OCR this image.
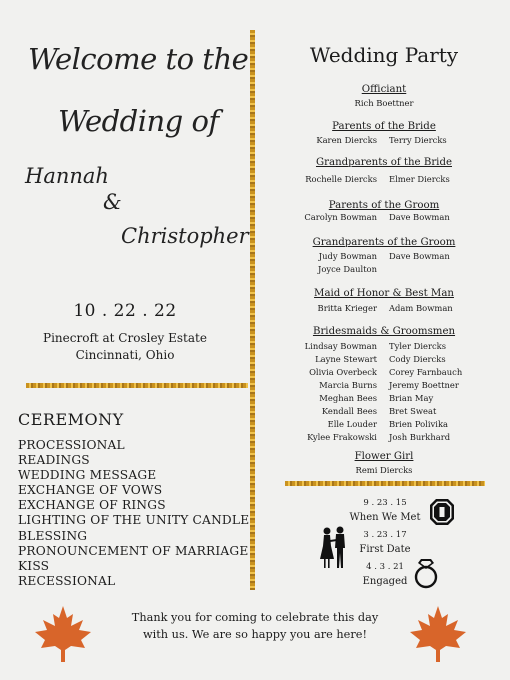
Welcome to the
Wedding of
Hannah
&
Christopher
10 . 22 . 22
Pinecroft at Crosley Estate
Cincinnati, Ohio
CEREMONY
PROCESSIONAL
READINGS
WEDDING MESSAGE
EXCHANGE OF VOWS
EXCHANGE OF RINGS
LIGHTING OF THE UNITY CANDLE
BLESSING
PRONOUNCEMENT OF MARRIAGE
KISS
RECESSIONAL
Wedding Party
Officiant
Rich Boettner
Parents of the Bride
Karen Diercks Terry Diercks
Grandparents of the Bride
Rochelle Diercks Elmer Diercks
Parents of the Groom
Carolyn Bowman Dave Bowman
Grandparents of the Groom
Judy Bowman Dave Bowman
Joyce Daulton
Maid of Honor & Best Man
Britta Krieger Adam Bowman
Bridesmaids & Groomsmen
Lindsay Bowman Tyler Diercks
Layne Stewart Cody Diercks
Olivia Overbeck Corey Farnbauch
Marcia Burns Jeremy Boettner
Meghan Bees Brian May
Kendall Bees Bret Sweat
Elle Louder Brien Polivika
Kylee Frakowski Josh Burkhard
Flower Girl
Remi Diercks
9 . 23 . 15
When We Met
3 . 23 . 17
First Date
4 . 3 . 21
Engaged
Thank you for coming to celebrate this day
with us. We are so happy you are here!
